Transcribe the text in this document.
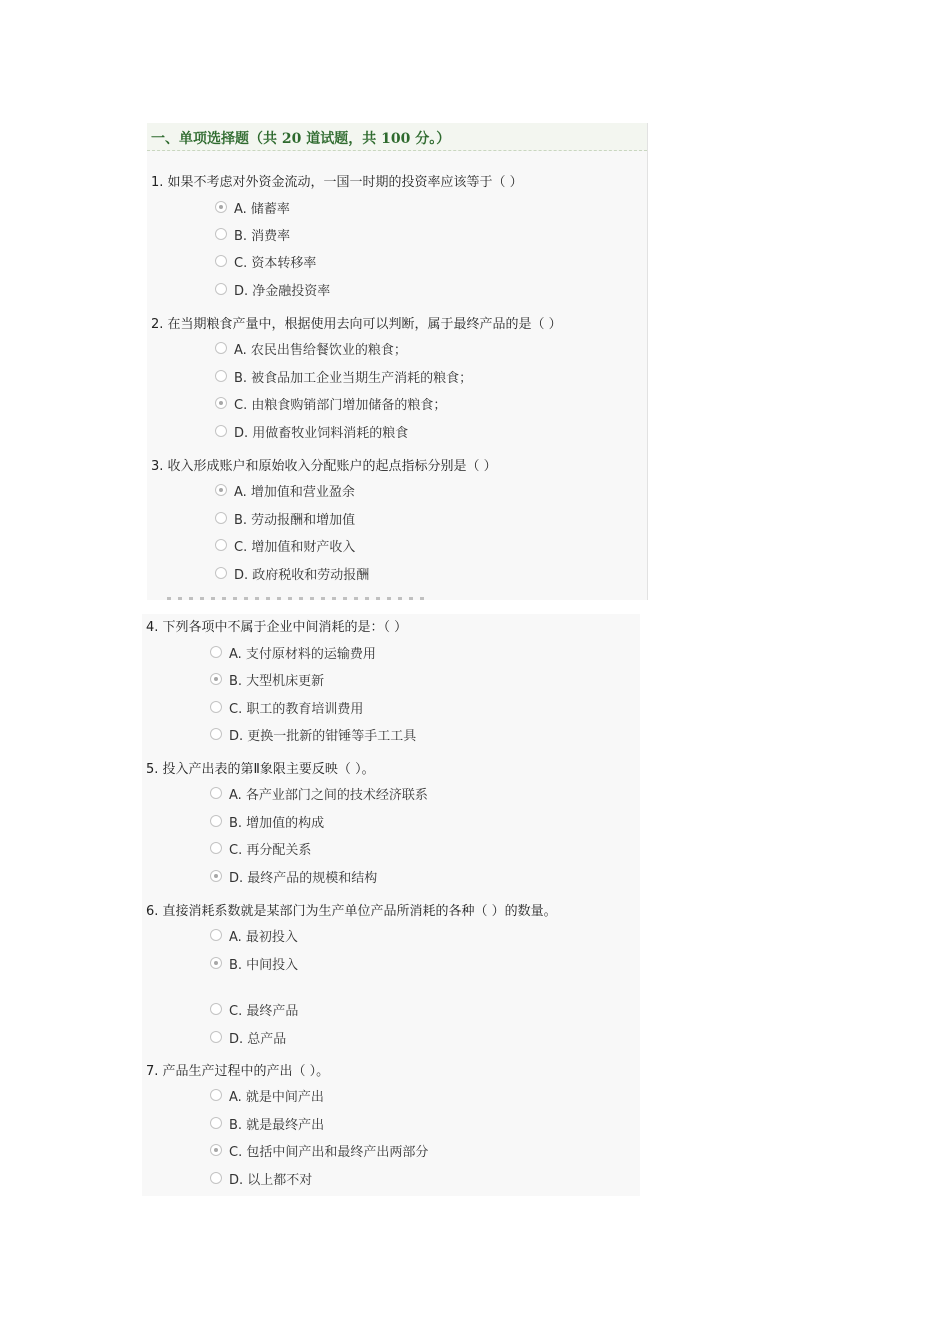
一、单项选择题（共 20 道试题，共 100 分。）
1. 如果不考虑对外资金流动，一国一时期的投资率应该等于（ ）
A. 储蓄率
B. 消费率
C. 资本转移率
D. 净金融投资率
2. 在当期粮食产量中，根据使用去向可以判断，属于最终产品的是（ ）
A. 农民出售给餐饮业的粮食；
B. 被食品加工企业当期生产消耗的粮食；
C. 由粮食购销部门增加储备的粮食；
D. 用做畜牧业饲料消耗的粮食
3. 收入形成账户和原始收入分配账户的起点指标分别是（ ）
A. 增加值和营业盈余
B. 劳动报酬和增加值
C. 增加值和财产收入
D. 政府税收和劳动报酬
4. 下列各项中不属于企业中间消耗的是：（ ）
A. 支付原材料的运输费用
B. 大型机床更新
C. 职工的教育培训费用
D. 更换一批新的钳锤等手工工具
5. 投入产出表的第Ⅱ象限主要反映（ ）。
A. 各产业部门之间的技术经济联系
B. 增加值的构成
C. 再分配关系
D. 最终产品的规模和结构
6. 直接消耗系数就是某部门为生产单位产品所消耗的各种（ ）的数量。
A. 最初投入
B. 中间投入
C. 最终产品
D. 总产品
7. 产品生产过程中的产出（ ）。
A. 就是中间产出
B. 就是最终产出
C. 包括中间产出和最终产出两部分
D. 以上都不对
